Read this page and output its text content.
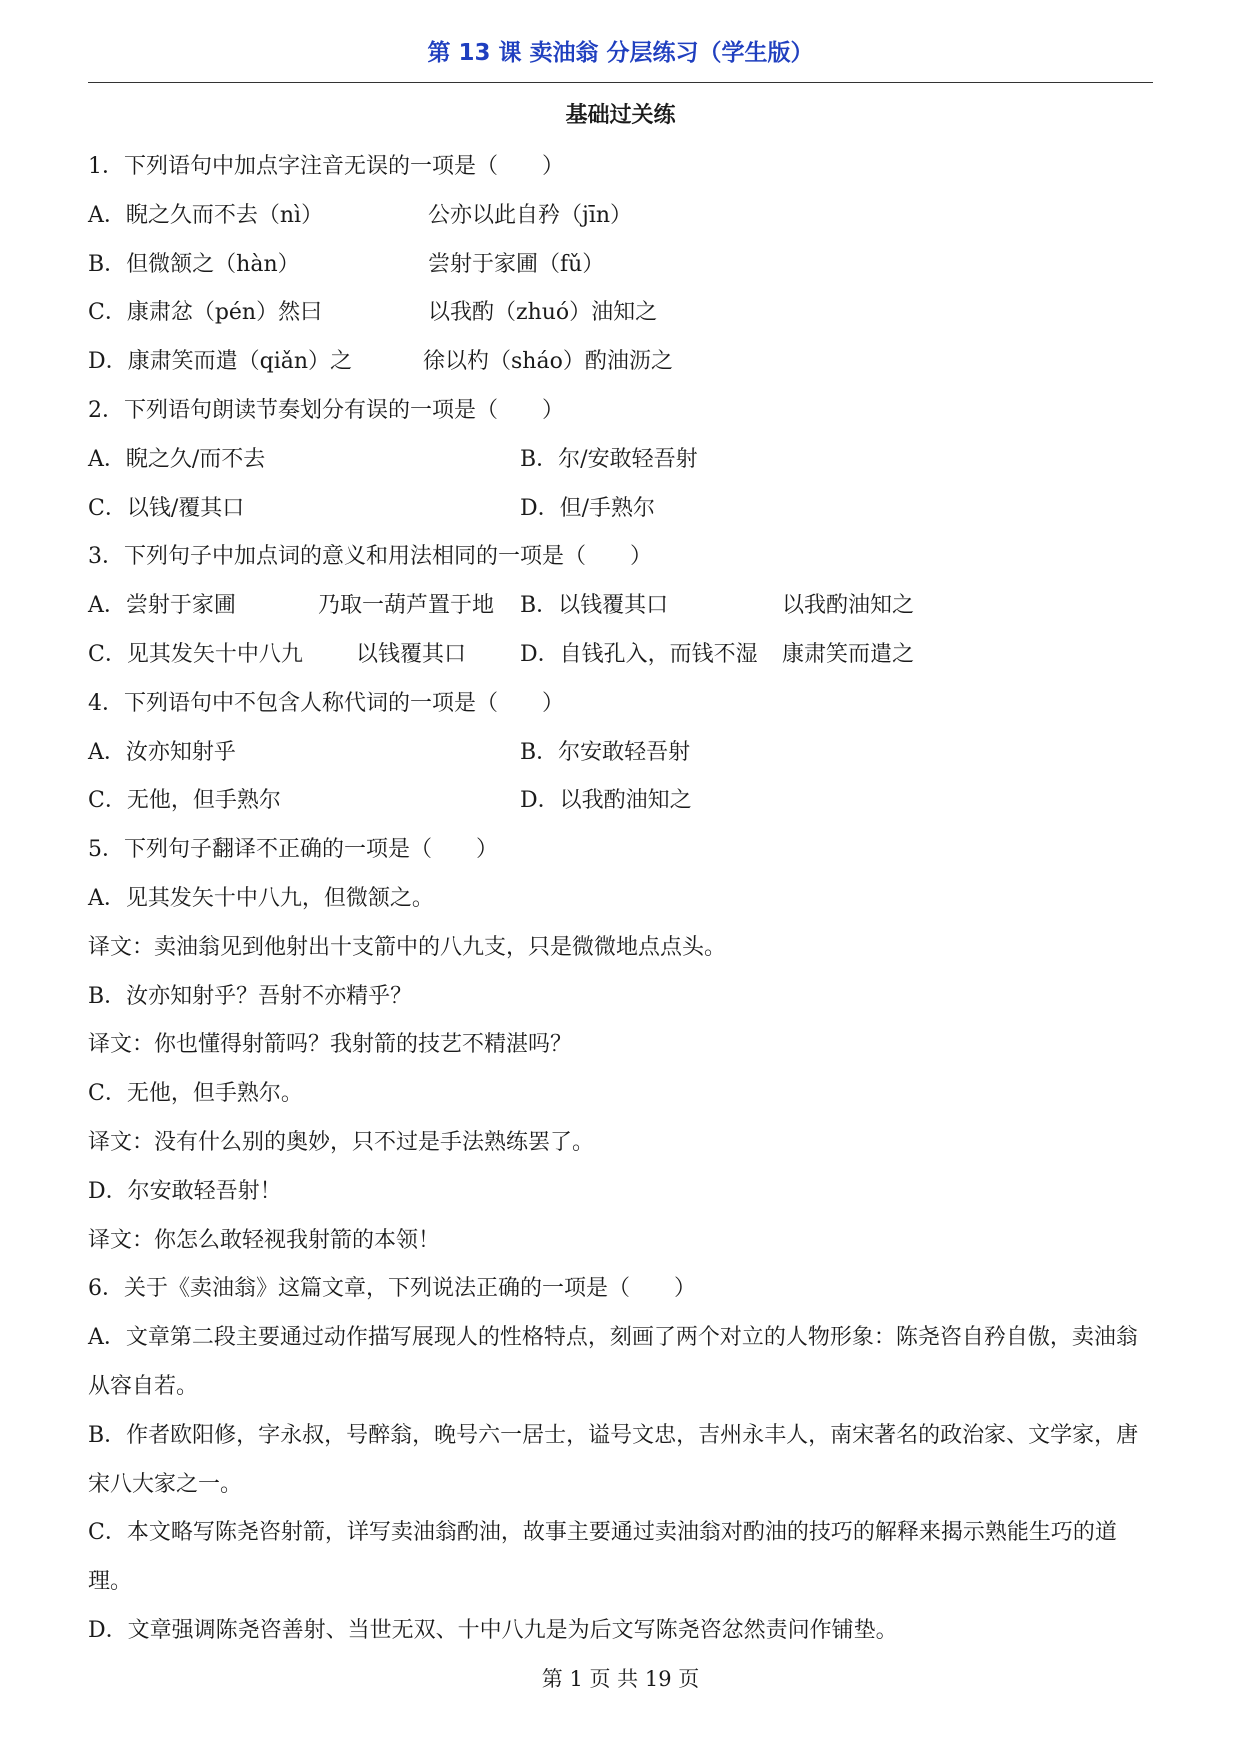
第 13 课 卖油翁 分层练习（学生版）
基础过关练
1．下列语句中加点字注音无误的一项是（　　）
A．睨之久而不去（nì）	公亦以此自矜（jīn）
B．但微颔之（hàn）	尝射于家圃（fǔ）
C．康肃忿（pén）然曰	以我酌（zhuó）油知之
D．康肃笑而遣（qiǎn）之	徐以杓（sháo）酌油沥之
2．下列语句朗读节奏划分有误的一项是（　　）
A．睨之久/而不去	B．尔/安敢轻吾射
C．以钱/覆其口	D．但/手熟尔
3．下列句子中加点词的意义和用法相同的一项是（　　）
A．尝射于家圃	乃取一葫芦置于地 B．以钱覆其口	以我酌油知之
C．见其发矢十中八九 以钱覆其口 D．自钱孔入，而钱不湿 康肃笑而遣之
4．下列语句中不包含人称代词的一项是（　　）
A．汝亦知射乎	B．尔安敢轻吾射
C．无他，但手熟尔	D．以我酌油知之
5．下列句子翻译不正确的一项是（　　）
A．见其发矢十中八九，但微颔之。
译文：卖油翁见到他射出十支箭中的八九支，只是微微地点点头。
B．汝亦知射乎？吾射不亦精乎？
译文：你也懂得射箭吗？我射箭的技艺不精湛吗？
C．无他，但手熟尔。
译文：没有什么别的奥妙，只不过是手法熟练罢了。
D．尔安敢轻吾射！
译文：你怎么敢轻视我射箭的本领！
6．关于《卖油翁》这篇文章，下列说法正确的一项是（　　）
A．文章第二段主要通过动作描写展现人的性格特点，刻画了两个对立的人物形象：陈尧咨自矜自傲，卖油翁从容自若。
B．作者欧阳修，字永叔，号醉翁，晚号六一居士，谥号文忠，吉州永丰人，南宋著名的政治家、文学家，唐宋八大家之一。
C．本文略写陈尧咨射箭，详写卖油翁酌油，故事主要通过卖油翁对酌油的技巧的解释来揭示熟能生巧的道理。
D．文章强调陈尧咨善射、当世无双、十中八九是为后文写陈尧咨忿然责问作铺垫。
第 1 页 共 19 页
